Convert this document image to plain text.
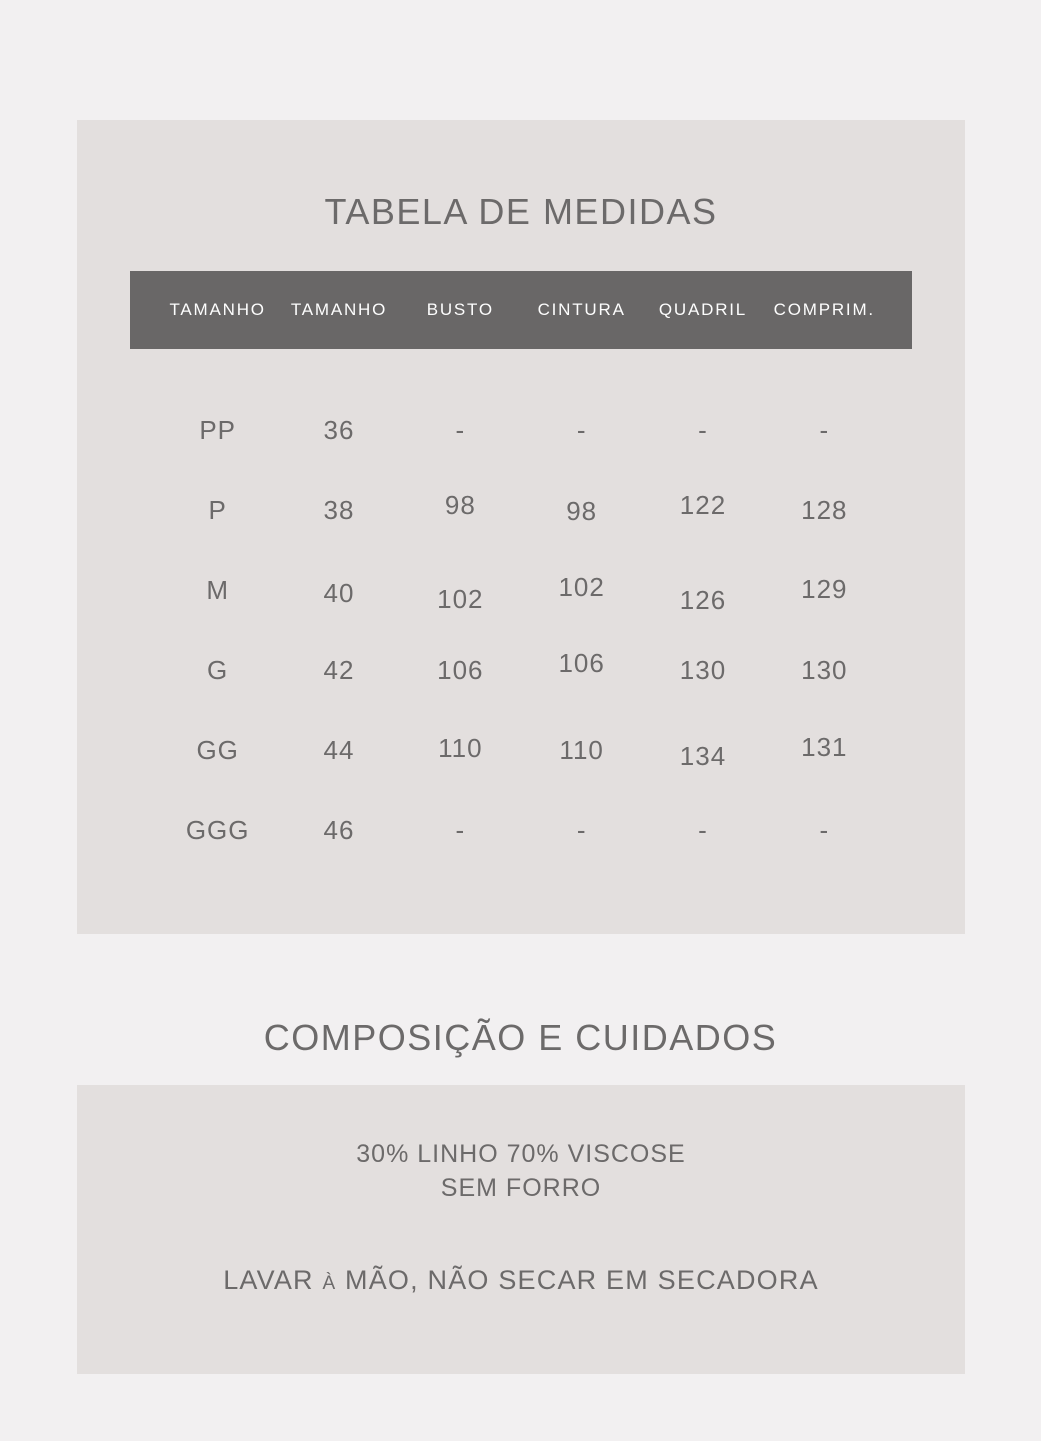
TABELA DE MEDIDAS
TAMANHO	TAMANHO	BUSTO	CINTURA	QUADRIL	COMPRIM.
PP	36	-	-	-	-
P	38	98	98	122	128
M	40	102	102	126	129
G	42	106	106	130	130
GG	44	110	110	134	131
GGG	46	-	-	-	-
COMPOSIÇÃO E CUIDADOS
30% LINHO 70% VISCOSE
SEM FORRO
LAVAR À MÃO, NÃO SECAR EM SECADORA
